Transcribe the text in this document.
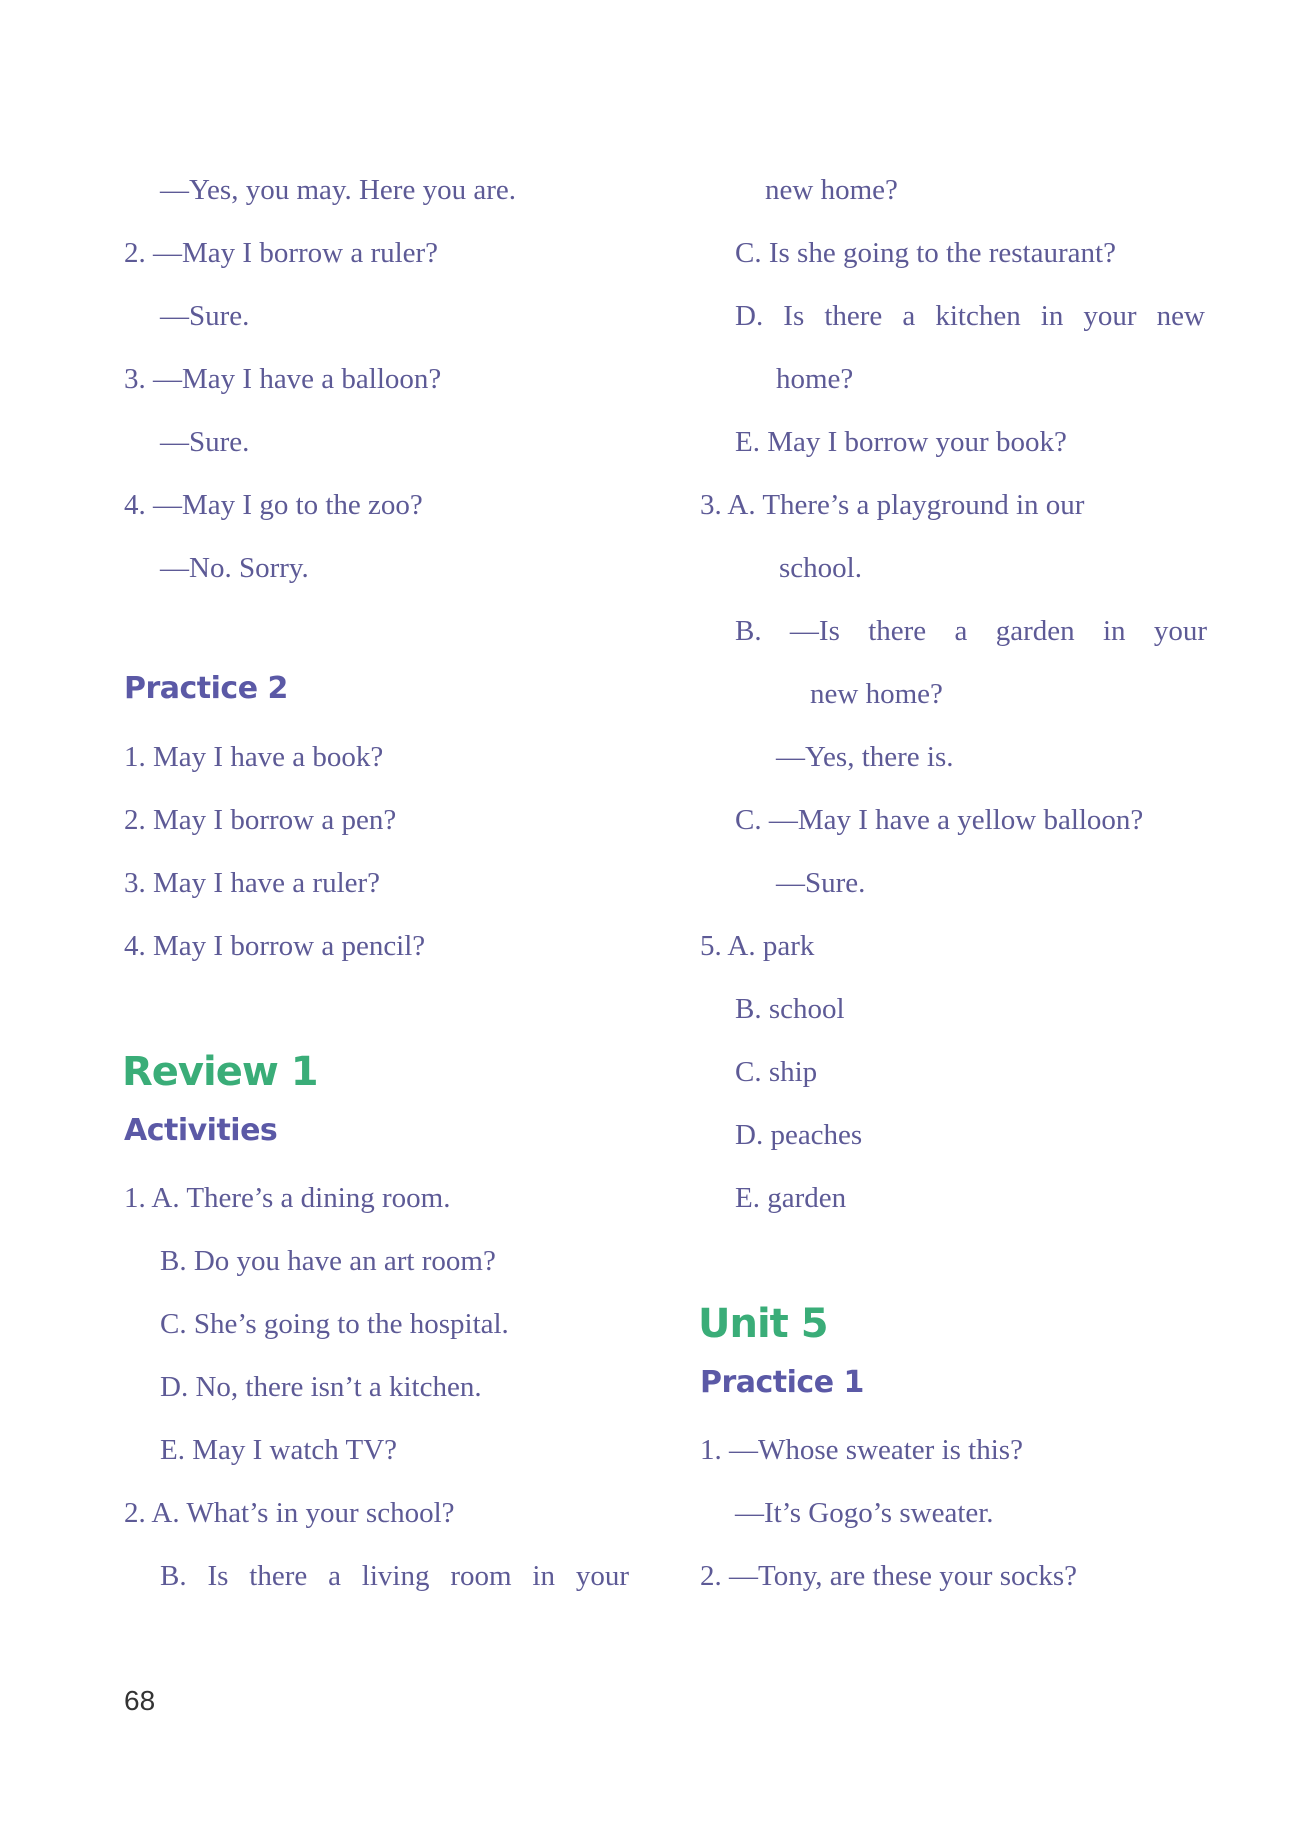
—Yes, you may. Here you are.
2. —May I borrow a ruler?
—Sure.
3. —May I have a balloon?
—Sure.
4. —May I go to the zoo?
—No. Sorry.
Practice 2
1. May I have a book?
2. May I borrow a pen?
3. May I have a ruler?
4. May I borrow a pencil?
Review 1
Activities
1. A. There’s a dining room.
B. Do you have an art room?
C. She’s going to the hospital.
D. No, there isn’t a kitchen.
E. May I watch TV?
2. A. What’s in your school?
B. Is there a living room in your
new home?
C. Is she going to the restaurant?
D. Is there a kitchen in your new
home?
E. May I borrow your book?
3. A. There’s a playground in our
school.
B. —Is there a garden in your
new home?
—Yes, there is.
C. —May I have a yellow balloon?
—Sure.
5. A. park
B. school
C. ship
D. peaches
E. garden
Unit 5
Practice 1
1. —Whose sweater is this?
—It’s Gogo’s sweater.
2. —Tony, are these your socks?
68
